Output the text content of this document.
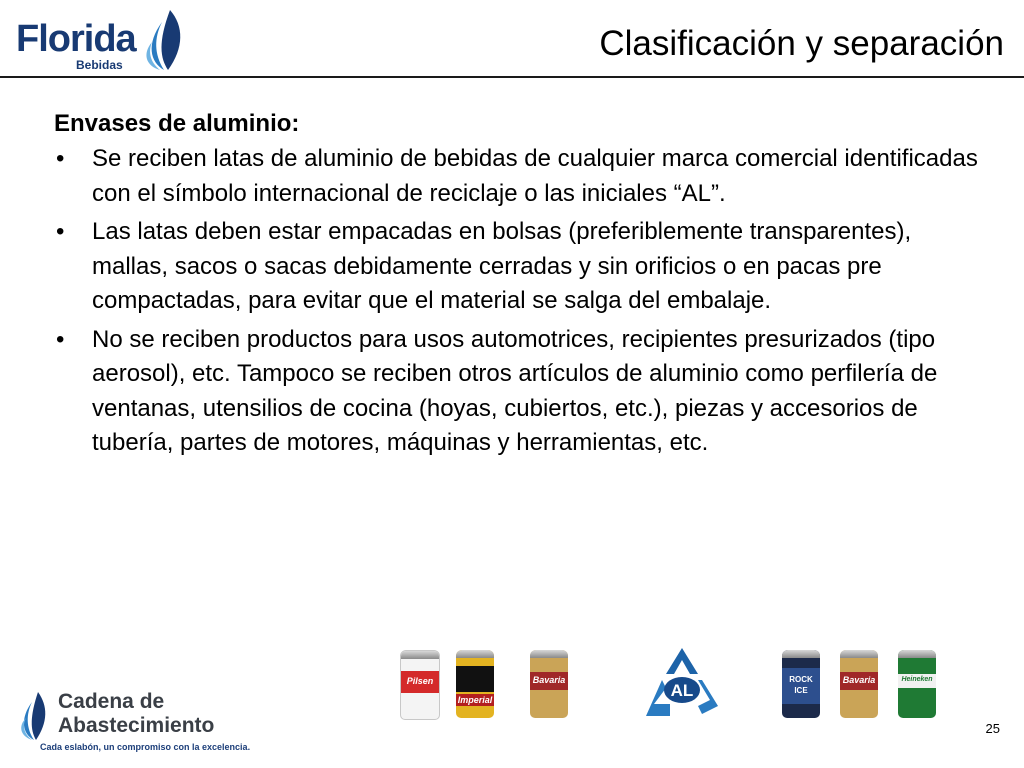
Florida
Bebidas
Clasificación y separación
Envases de aluminio:
• Se reciben latas de aluminio de bebidas de cualquier marca comercial identificadas con el símbolo internacional de reciclaje o las iniciales “AL”.
• Las latas deben estar empacadas en bolsas (preferiblemente transparentes), mallas, sacos o sacas debidamente cerradas y sin orificios o en pacas pre compactadas, para evitar que el material se salga del embalaje.
• No se reciben productos para usos automotrices, recipientes presurizados (tipo aerosol), etc. Tampoco se reciben otros artículos de aluminio como perfilería de ventanas, utensilios de cocina (hoyas, cubiertos, etc.), piezas y accesorios de tubería, partes de motores, máquinas y herramientas, etc.
Pilsen
Imperial
Bavaria
AL
ROCK ICE
Bavaria	Heineken
Cadena de
Abastecimiento
Cada eslabón, un compromiso con la excelencia.
25
